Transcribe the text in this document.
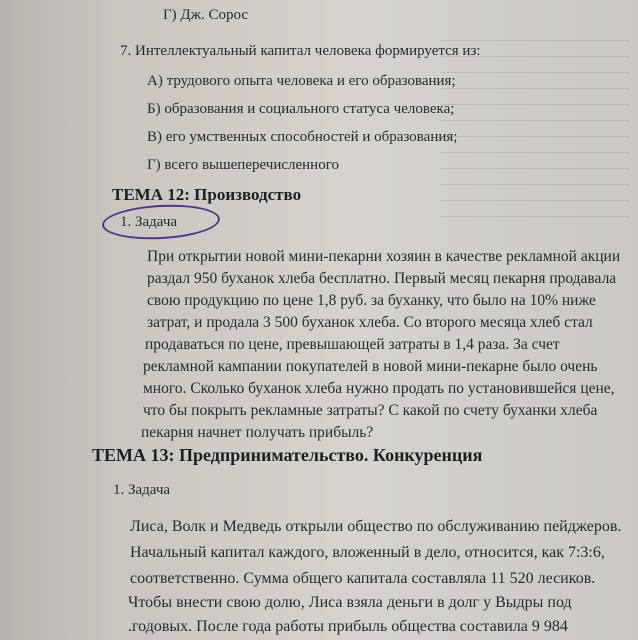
Г) Дж. Сорос
7. Интеллектуальный капитал человека формируется из:
А) трудового опыта человека и его образования;
Б) образования и социального статуса человека;
В) его умственных способностей и образования;
Г) всего вышеперечисленного
ТЕМА 12: Производство
1. Задача
При открытии новой мини-пекарни хозяин в качестве рекламной акции
раздал 950 буханок хлеба бесплатно. Первый месяц пекарня продавала
свою продукцию по цене 1,8 руб. за буханку, что было на 10% ниже
затрат, и продала 3 500 буханок хлеба. Со второго месяца хлеб стал
продаваться по цене, превышающей затраты в 1,4 раза. За счет
рекламной кампании покупателей в новой мини-пекарне было очень
много. Сколько буханок хлеба нужно продать по установившейся цене,
что бы покрыть рекламные затраты? С какой по счету буханки хлеба
пекарня начнет получать прибыль?
ТЕМА 13: Предпринимательство. Конкуренция
1. Задача
Лиса, Волк и Медведь открыли общество по обслуживанию пейджеров.
Начальный капитал каждого, вложенный в дело, относится, как 7:3:6,
соответственно. Сумма общего капитала составляла 11 520 лесиков.
Чтобы внести свою долю, Лиса взяла деньги в долг у Выдры под
.годовых. После года работы прибыль общества составила 9 984
